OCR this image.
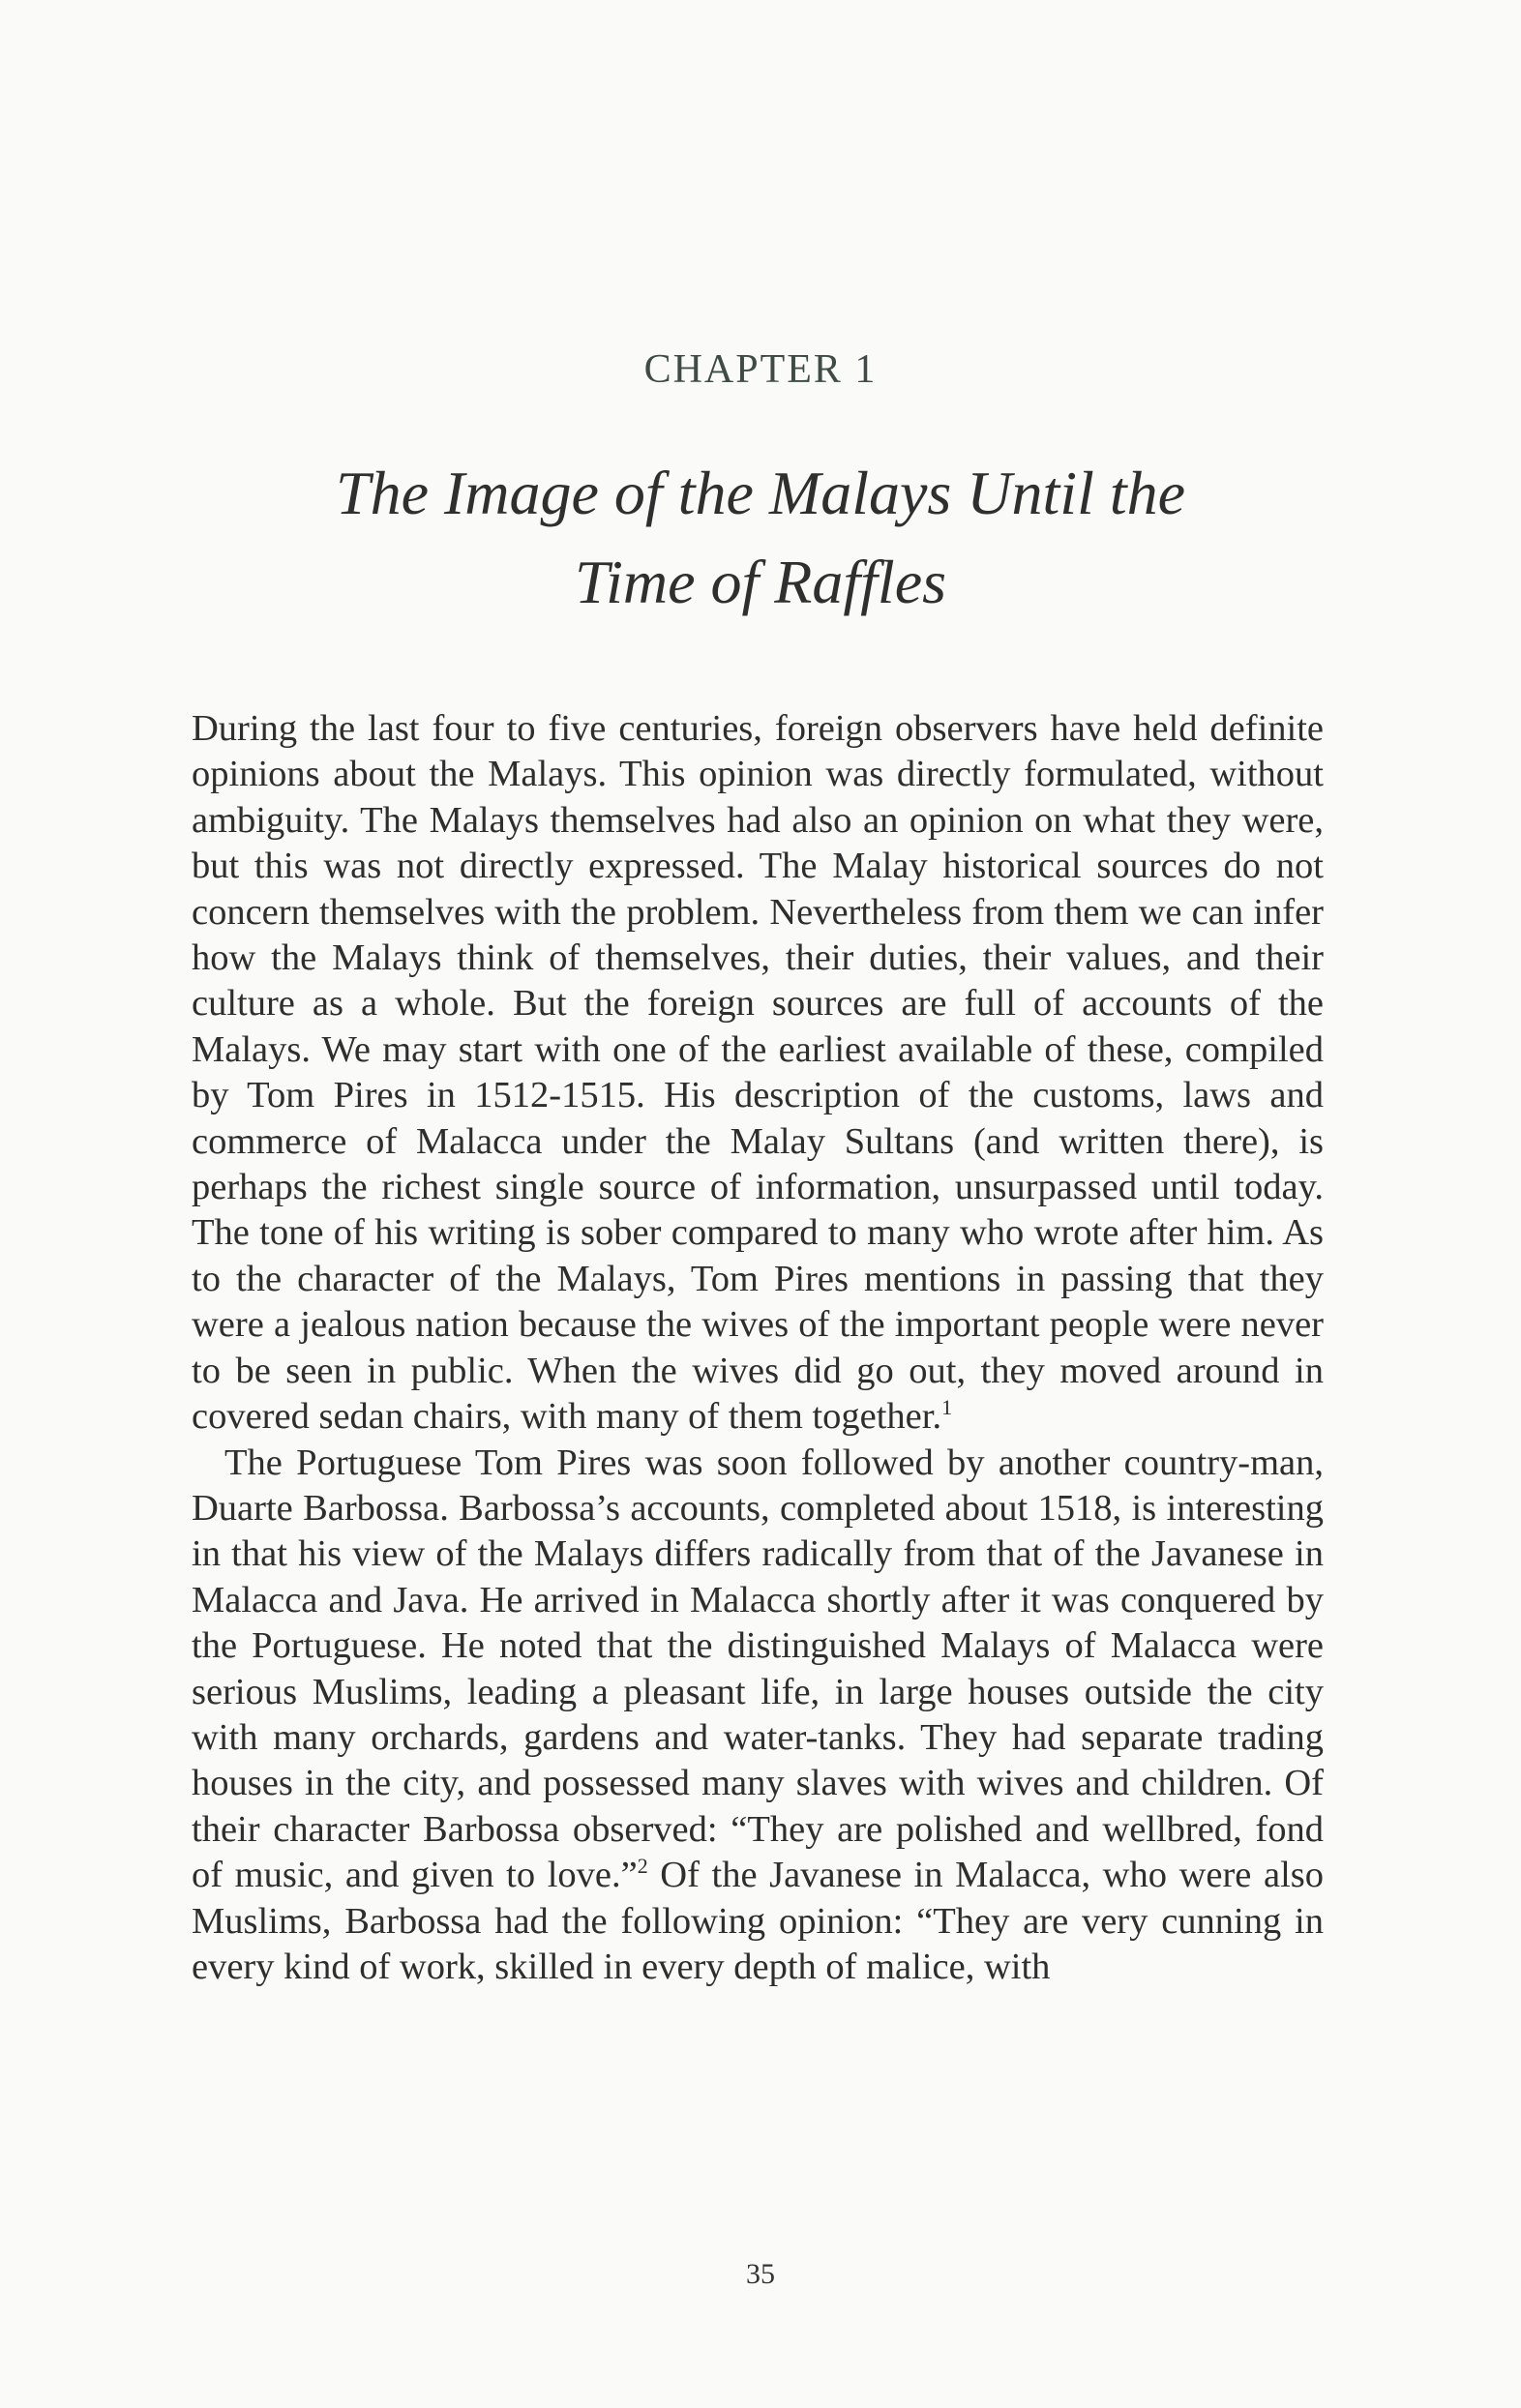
CHAPTER 1
The Image of the Malays Until the
Time of Raffles

During the last four to five centuries, foreign observers have held definite opinions about the Malays. This opinion was directly formulated, without ambiguity. The Malays themselves had also an opinion on what they were, but this was not directly expressed. The Malay historical sources do not concern themselves with the problem. Nevertheless from them we can infer how the Malays think of themselves, their duties, their values, and their culture as a whole. But the foreign sources are full of accounts of the Malays. We may start with one of the earliest available of these, compiled by Tom Pires in 1512-1515. His description of the customs, laws and commerce of Malacca under the Malay Sultans (and written there), is perhaps the richest single source of information, unsurpassed until today. The tone of his writing is sober compared to many who wrote after him. As to the character of the Malays, Tom Pires mentions in passing that they were a jealous nation because the wives of the important people were never to be seen in public. When the wives did go out, they moved around in covered sedan chairs, with many of them together.$^1$

The Portuguese Tom Pires was soon followed by another country-man, Duarte Barbossa. Barbossa’s accounts, completed about 1518, is interesting in that his view of the Malays differs radically from that of the Javanese in Malacca and Java. He arrived in Malacca shortly after it was conquered by the Portuguese. He noted that the distinguished Malays of Malacca were serious Muslims, leading a pleasant life, in large houses outside the city with many orchards, gardens and water-tanks. They had separate trading houses in the city, and possessed many slaves with wives and children. Of their character Barbossa observed: “They are polished and wellbred, fond of music, and given to love.”$^2$ Of the Javanese in Malacca, who were also Muslims, Barbossa had the following opinion: “They are very cunning in every kind of work, skilled in every depth of malice, with

35
